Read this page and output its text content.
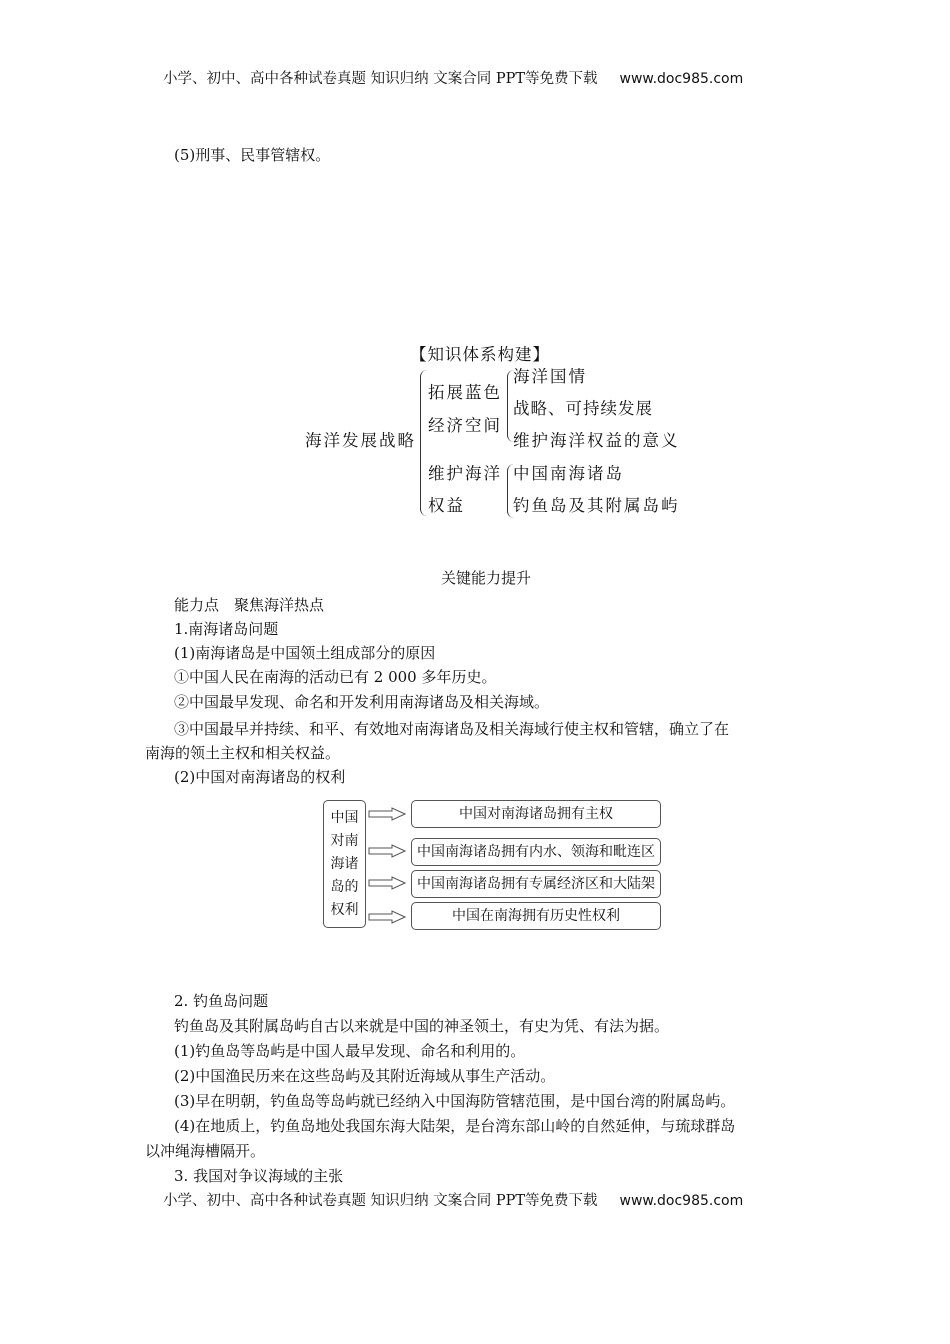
小学、初中、高中各种试卷真题 知识归纳 文案合同 PPT等免费下载 www.doc985.com
(5)刑事、民事管辖权。
【知识体系构建】
海洋发展战略
拓展蓝色
经济空间
海洋国情
战略、可持续发展
维护海洋权益的意义
维护海洋
权益
中国南海诸岛
钓鱼岛及其附属岛屿
关键能力提升
能力点　聚焦海洋热点
1.南海诸岛问题
(1)南海诸岛是中国领土组成部分的原因
①中国人民在南海的活动已有 2 000 多年历史。
②中国最早发现、命名和开发利用南海诸岛及相关海域。
③中国最早并持续、和平、有效地对南海诸岛及相关海域行使主权和管辖，确立了在
南海的领土主权和相关权益。
(2)中国对南海诸岛的权利
中国
对南
海诸
岛的
权利
中国对南海诸岛拥有主权
中国南海诸岛拥有内水、领海和毗连区
中国南海诸岛拥有专属经济区和大陆架
中国在南海拥有历史性权利
2. 钓鱼岛问题
钓鱼岛及其附属岛屿自古以来就是中国的神圣领土，有史为凭、有法为据。
(1)钓鱼岛等岛屿是中国人最早发现、命名和利用的。
(2)中国渔民历来在这些岛屿及其附近海域从事生产活动。
(3)早在明朝，钓鱼岛等岛屿就已经纳入中国海防管辖范围，是中国台湾的附属岛屿。
(4)在地质上，钓鱼岛地处我国东海大陆架，是台湾东部山岭的自然延伸，与琉球群岛
以冲绳海槽隔开。
3. 我国对争议海域的主张
小学、初中、高中各种试卷真题 知识归纳 文案合同 PPT等免费下载 www.doc985.com
